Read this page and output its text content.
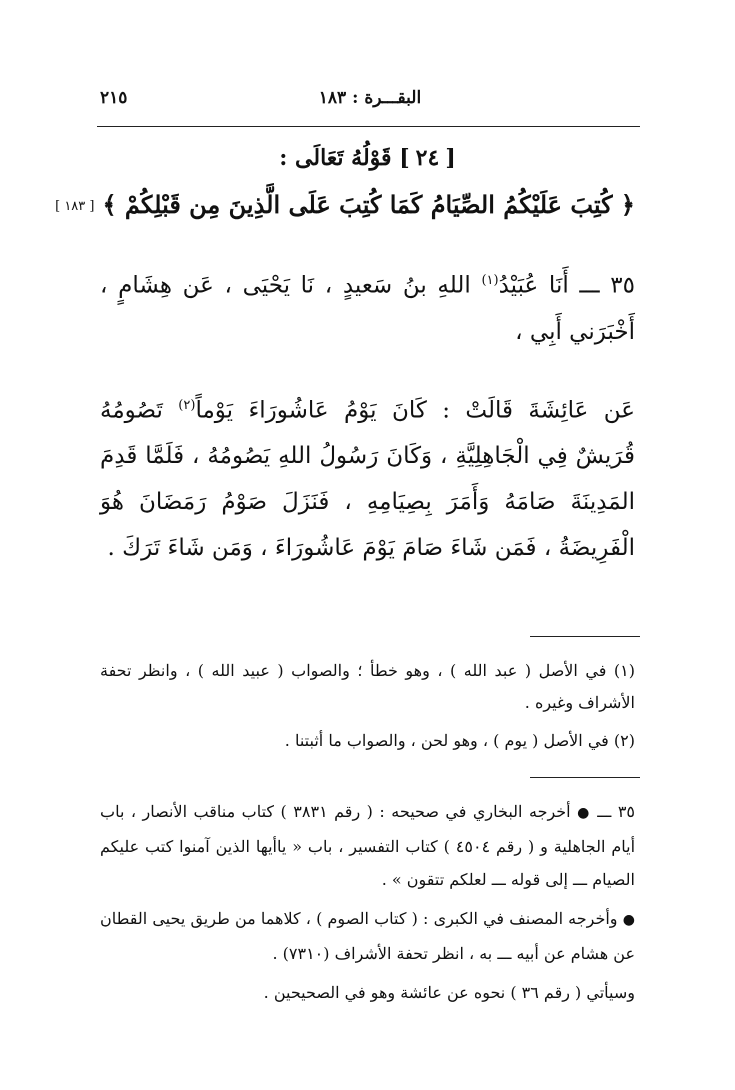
البقـــرة : ١٨٣
٢١٥
[٢٤] قَوْلُهُ تَعَالَى :
﴿ كُتِبَ عَلَيْكُمُ الصِّيَامُ كَمَا كُتِبَ عَلَى الَّذِينَ مِن قَبْلِكُمْ ﴾[ ١٨٣ ]

٣٥ ـــ أَنَا عُبَيْدُ$^{(١)}$ اللهِ بنُ سَعيدٍ ، نَا يَحْيَى ، عَن هِشَامٍ ، أَخْبَرَني أَبِي ،

عَن عَائِشَةَ قَالَتْ : كَانَ يَوْمُ عَاشُورَاءَ يَوْماً$^{(٢)}$ تَصُومُهُ قُرَيشٌ فِي الْجَاهِلِيَّةِ ، وَكَانَ رَسُولُ اللهِ يَصُومُهُ ، فَلَمَّا قَدِمَ المَدِينَةَ صَامَهُ وَأَمَرَ بِصِيَامِهِ ، فَنَزَلَ صَوْمُ رَمَضَانَ هُوَ الْفَرِيضَةُ ، فَمَن شَاءَ صَامَ يَوْمَ عَاشُورَاءَ ، وَمَن شَاءَ تَرَكَ .

(١) في الأصل ( عبد الله ) ، وهو خطأ ؛ والصواب ( عبيد الله ) ، وانظر تحفة الأشراف وغيره .

(٢) في الأصل ( يوم ) ، وهو لحن ، والصواب ما أثبتنا .

٣٥ ـــ ● أخرجه البخاري في صحيحه : ( رقم ٣٨٣١ ) كتاب مناقب الأنصار ، باب أيام الجاهلية و ( رقم ٤٥٠٤ ) كتاب التفسير ، باب « ياأيها الذين آمنوا كتب عليكم الصيام ـــ إلى قوله ـــ لعلكم تتقون » .

● وأخرجه المصنف في الكبرى : ( كتاب الصوم ) ، كلاهما من طريق يحيى القطان عن هشام عن أبيه ـــ به ، انظر تحفة الأشراف (٧٣١٠) .

وسيأتي ( رقم ٣٦ ) نحوه عن عائشة وهو في الصحيحين .
